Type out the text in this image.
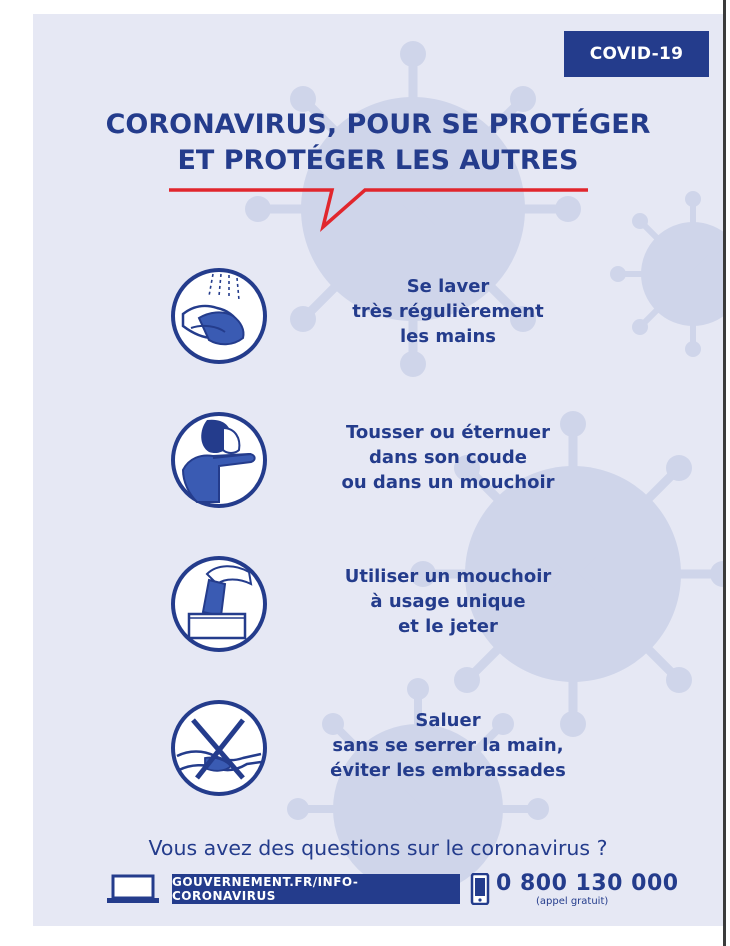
COVID-19
CORONAVIRUS, POUR SE PROTÉGER
ET PROTÉGER LES AUTRES
Se laver
très régulièrement
les mains
Tousser ou éternuer
dans son coude
ou dans un mouchoir
Utiliser un mouchoir
à usage unique
et le jeter
Saluer
sans se serrer la main,
éviter les embrassades
Vous avez des questions sur le coronavirus ?
GOUVERNEMENT.FR/INFO-CORONAVIRUS	0 800 130 000
(appel gratuit)
